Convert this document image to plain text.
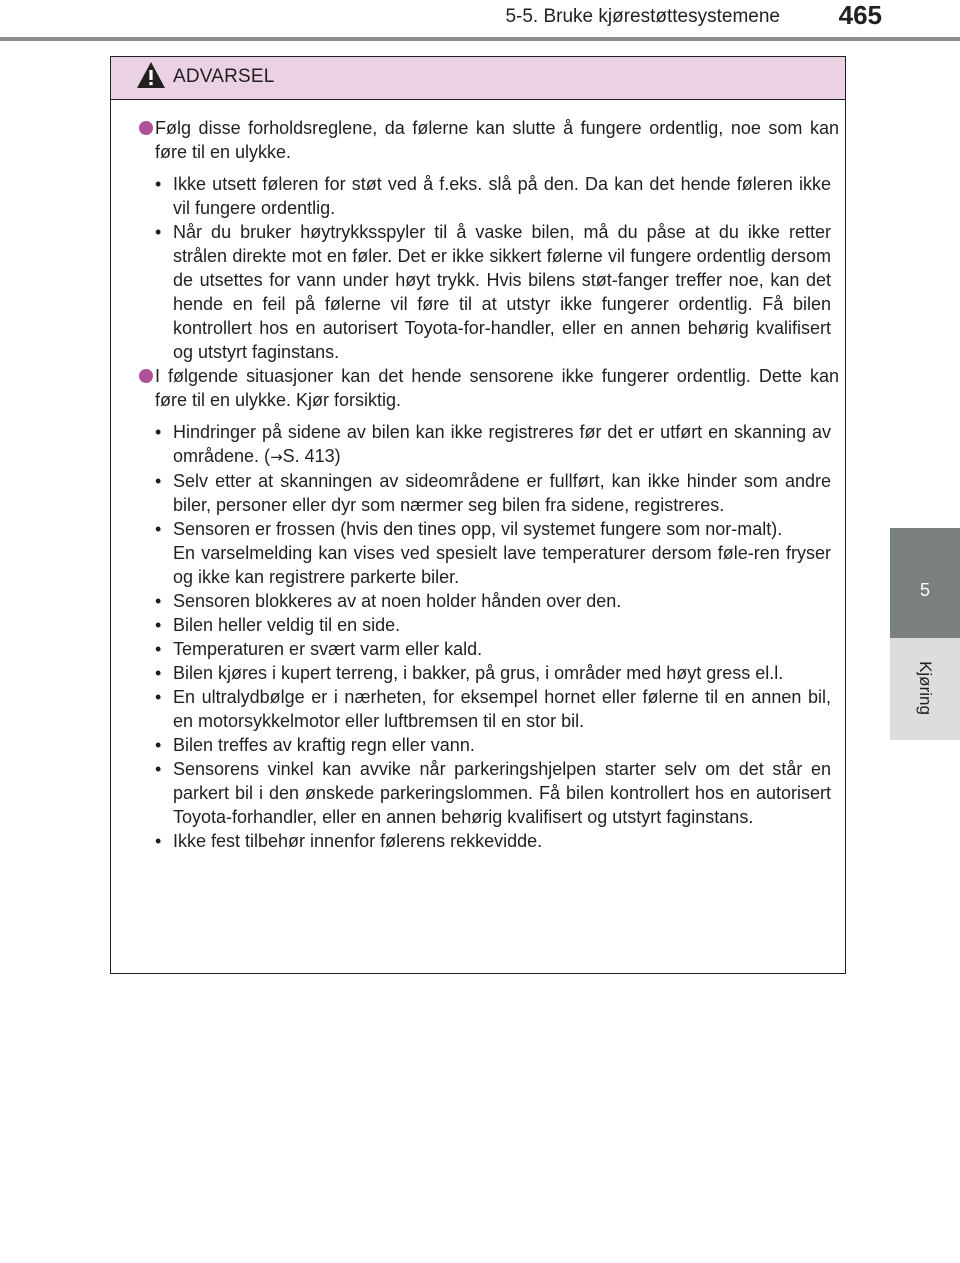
5-5. Bruke kjørestøttesystemene 465
5
Kjøring
ADVARSEL
Følg disse forholdsreglene, da følerne kan slutte å fungere ordentlig, noe som kan føre til en ulykke.
• Ikke utsett føleren for støt ved å f.eks. slå på den. Da kan det hende føleren ikke vil fungere ordentlig.
• Når du bruker høytrykksspyler til å vaske bilen, må du påse at du ikke retter strålen direkte mot en føler. Det er ikke sikkert følerne vil fungere ordentlig dersom de utsettes for vann under høyt trykk. Hvis bilens støt-fanger treffer noe, kan det hende en feil på følerne vil føre til at utstyr ikke fungerer ordentlig. Få bilen kontrollert hos en autorisert Toyota-for-handler, eller en annen behørig kvalifisert og utstyrt faginstans.
I følgende situasjoner kan det hende sensorene ikke fungerer ordentlig. Dette kan føre til en ulykke. Kjør forsiktig.
• Hindringer på sidene av bilen kan ikke registreres før det er utført en skanning av områdene. (→S. 413)
• Selv etter at skanningen av sideområdene er fullført, kan ikke hinder som andre biler, personer eller dyr som nærmer seg bilen fra sidene, registreres.
• Sensoren er frossen (hvis den tines opp, vil systemet fungere som nor-malt).
En varselmelding kan vises ved spesielt lave temperaturer dersom føle-ren fryser og ikke kan registrere parkerte biler.
• Sensoren blokkeres av at noen holder hånden over den.
• Bilen heller veldig til en side.
• Temperaturen er svært varm eller kald.
• Bilen kjøres i kupert terreng, i bakker, på grus, i områder med høyt gress el.l.
• En ultralydbølge er i nærheten, for eksempel hornet eller følerne til en annen bil, en motorsykkelmotor eller luftbremsen til en stor bil.
• Bilen treffes av kraftig regn eller vann.
• Sensorens vinkel kan avvike når parkeringshjelpen starter selv om det står en parkert bil i den ønskede parkeringslommen. Få bilen kontrollert hos en autorisert Toyota-forhandler, eller en annen behørig kvalifisert og utstyrt faginstans.
• Ikke fest tilbehør innenfor følerens rekkevidde.
